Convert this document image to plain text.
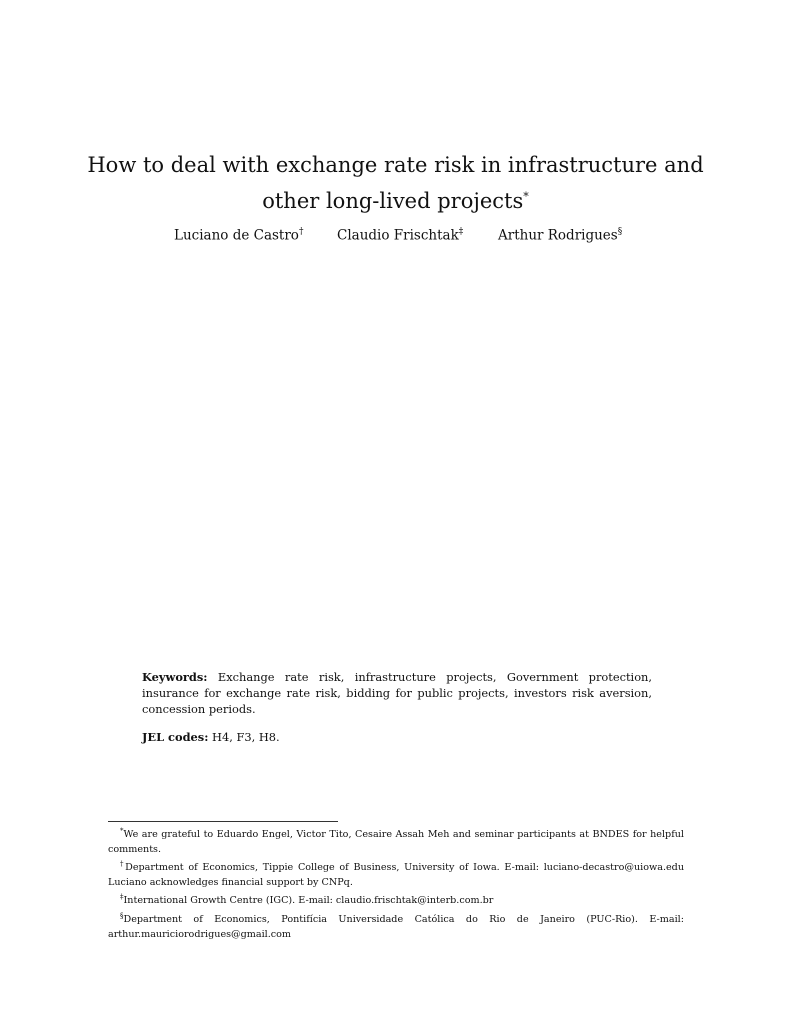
How to deal with exchange rate risk in infrastructure and
other long-lived projects*
Luciano de Castro† Claudio Frischtak‡	Arthur Rodrigues§
Keywords: Exchange rate risk, infrastructure projects, Government protection, insurance for exchange rate risk, bidding for public projects, investors risk aversion, concession periods.
JEL codes: H4, F3, H8.

*We are grateful to Eduardo Engel, Victor Tito, Cesaire Assah Meh and seminar participants at BNDES for helpful comments.

†Department of Economics, Tippie College of Business, University of Iowa. E-mail: luciano-decastro@uiowa.edu Luciano acknowledges financial support by CNPq.

‡International Growth Centre (IGC). E-mail: claudio.frischtak@interb.com.br

§Department of Economics, Pontifícia Universidade Católica do Rio de Janeiro (PUC-Rio). E-mail:

arthur.mauriciorodrigues@gmail.com
